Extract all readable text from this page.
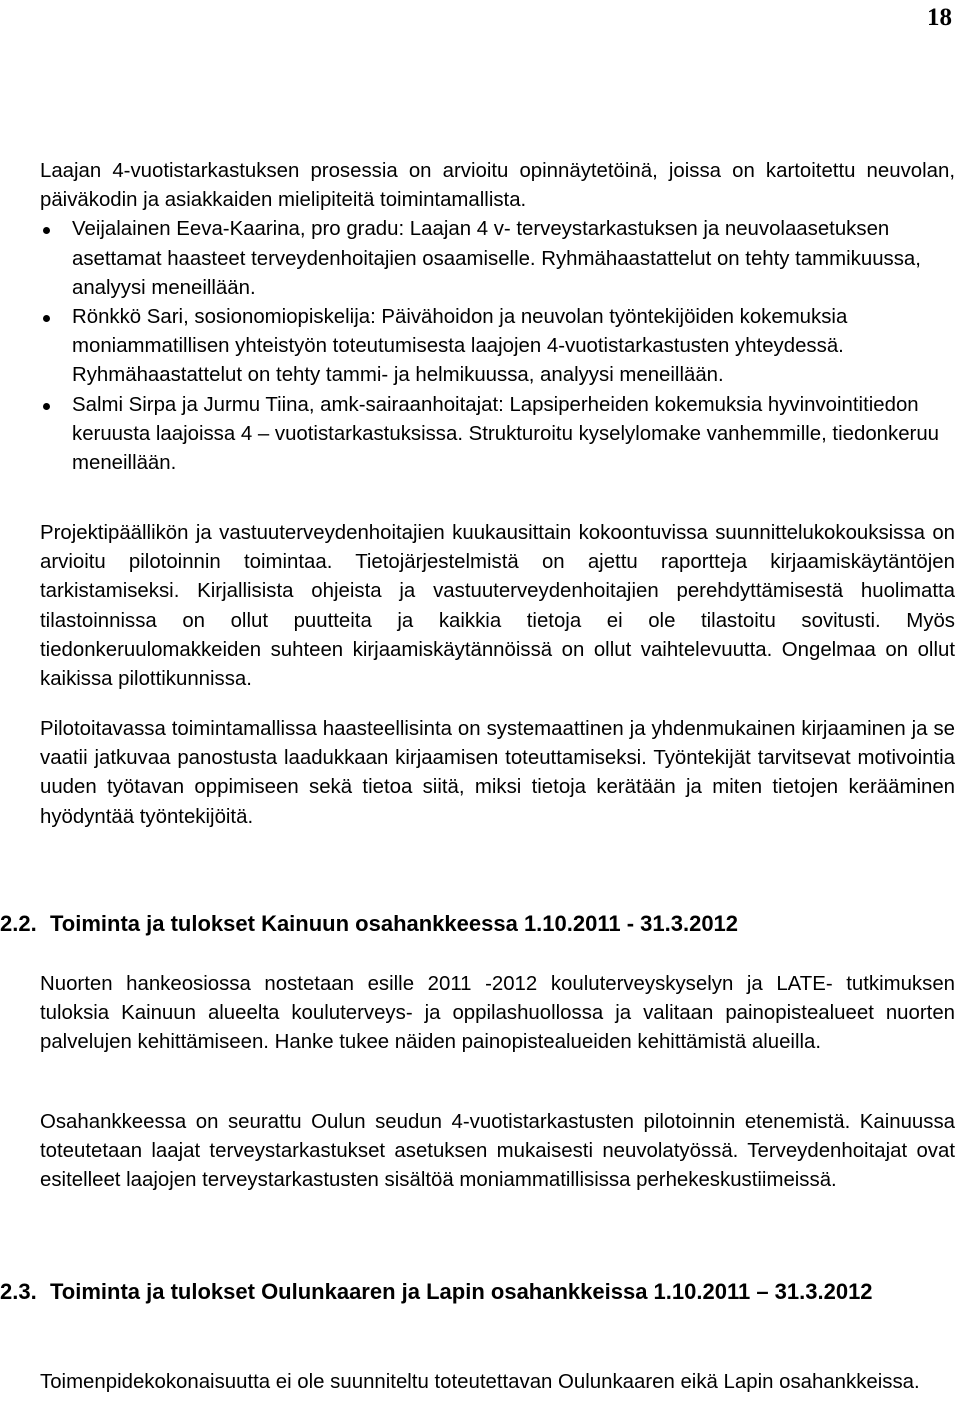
18

Laajan 4-vuotistarkastuksen prosessia on arvioitu opinnäytetöinä, joissa on kartoitettu neuvolan, päiväkodin ja asiakkaiden mielipiteitä toimintamallista.

Veijalainen Eeva-Kaarina, pro gradu: Laajan 4 v- terveystarkastuksen ja neuvolaasetuksen asettamat haasteet terveydenhoitajien osaamiselle. Ryhmähaastattelut on tehty tammikuussa, analyysi meneillään.
Rönkkö Sari, sosionomiopiskelija: Päivähoidon ja neuvolan työntekijöiden kokemuksia moniammatillisen yhteistyön toteutumisesta laajojen 4-vuotistarkastusten yhteydessä. Ryhmähaastattelut on tehty tammi- ja helmikuussa, analyysi meneillään.
Salmi Sirpa ja Jurmu Tiina, amk-sairaanhoitajat: Lapsiperheiden kokemuksia hyvinvointitiedon keruusta laajoissa 4 – vuotistarkastuksissa. Strukturoitu kyselylomake vanhemmille, tiedonkeruu meneillään.

Projektipäällikön ja vastuuterveydenhoitajien kuukausittain kokoontuvissa suunnittelukokouksissa on arvioitu pilotoinnin toimintaa. Tietojärjestelmistä on ajettu raportteja kirjaamiskäytäntöjen tarkistamiseksi. Kirjallisista ohjeista ja vastuuterveydenhoitajien perehdyttämisestä huolimatta tilastoinnissa on ollut puutteita ja kaikkia tietoja ei ole tilastoitu sovitusti. Myös tiedonkeruulomakkeiden suhteen kirjaamiskäytännöissä on ollut vaihtelevuutta. Ongelmaa on ollut kaikissa pilottikunnissa.

Pilotoitavassa toimintamallissa haasteellisinta on systemaattinen ja yhdenmukainen kirjaaminen ja se vaatii jatkuvaa panostusta laadukkaan kirjaamisen toteuttamiseksi. Työntekijät tarvitsevat motivointia uuden työtavan oppimiseen sekä tietoa siitä, miksi tietoja kerätään ja miten tietojen kerääminen hyödyntää työntekijöitä.

2.2. Toiminta ja tulokset Kainuun osahankkeessa 1.10.2011 - 31.3.2012

Nuorten hankeosiossa nostetaan esille 2011 -2012 kouluterveyskyselyn ja LATE- tutkimuksen tuloksia Kainuun alueelta kouluterveys- ja oppilashuollossa ja valitaan painopistealueet nuorten palvelujen kehittämiseen. Hanke tukee näiden painopistealueiden kehittämistä alueilla.

Osahankkeessa on seurattu Oulun seudun 4-vuotistarkastusten pilotoinnin etenemistä. Kainuussa toteutetaan laajat terveystarkastukset asetuksen mukaisesti neuvolatyössä. Terveydenhoitajat ovat esitelleet laajojen terveystarkastusten sisältöä moniammatillisissa perhekeskustiimeissä.

2.3. Toiminta ja tulokset Oulunkaaren ja Lapin osahankkeissa 1.10.2011 – 31.3.2012

Toimenpidekokonaisuutta ei ole suunniteltu toteutettavan Oulunkaaren eikä Lapin osahankkeissa.
